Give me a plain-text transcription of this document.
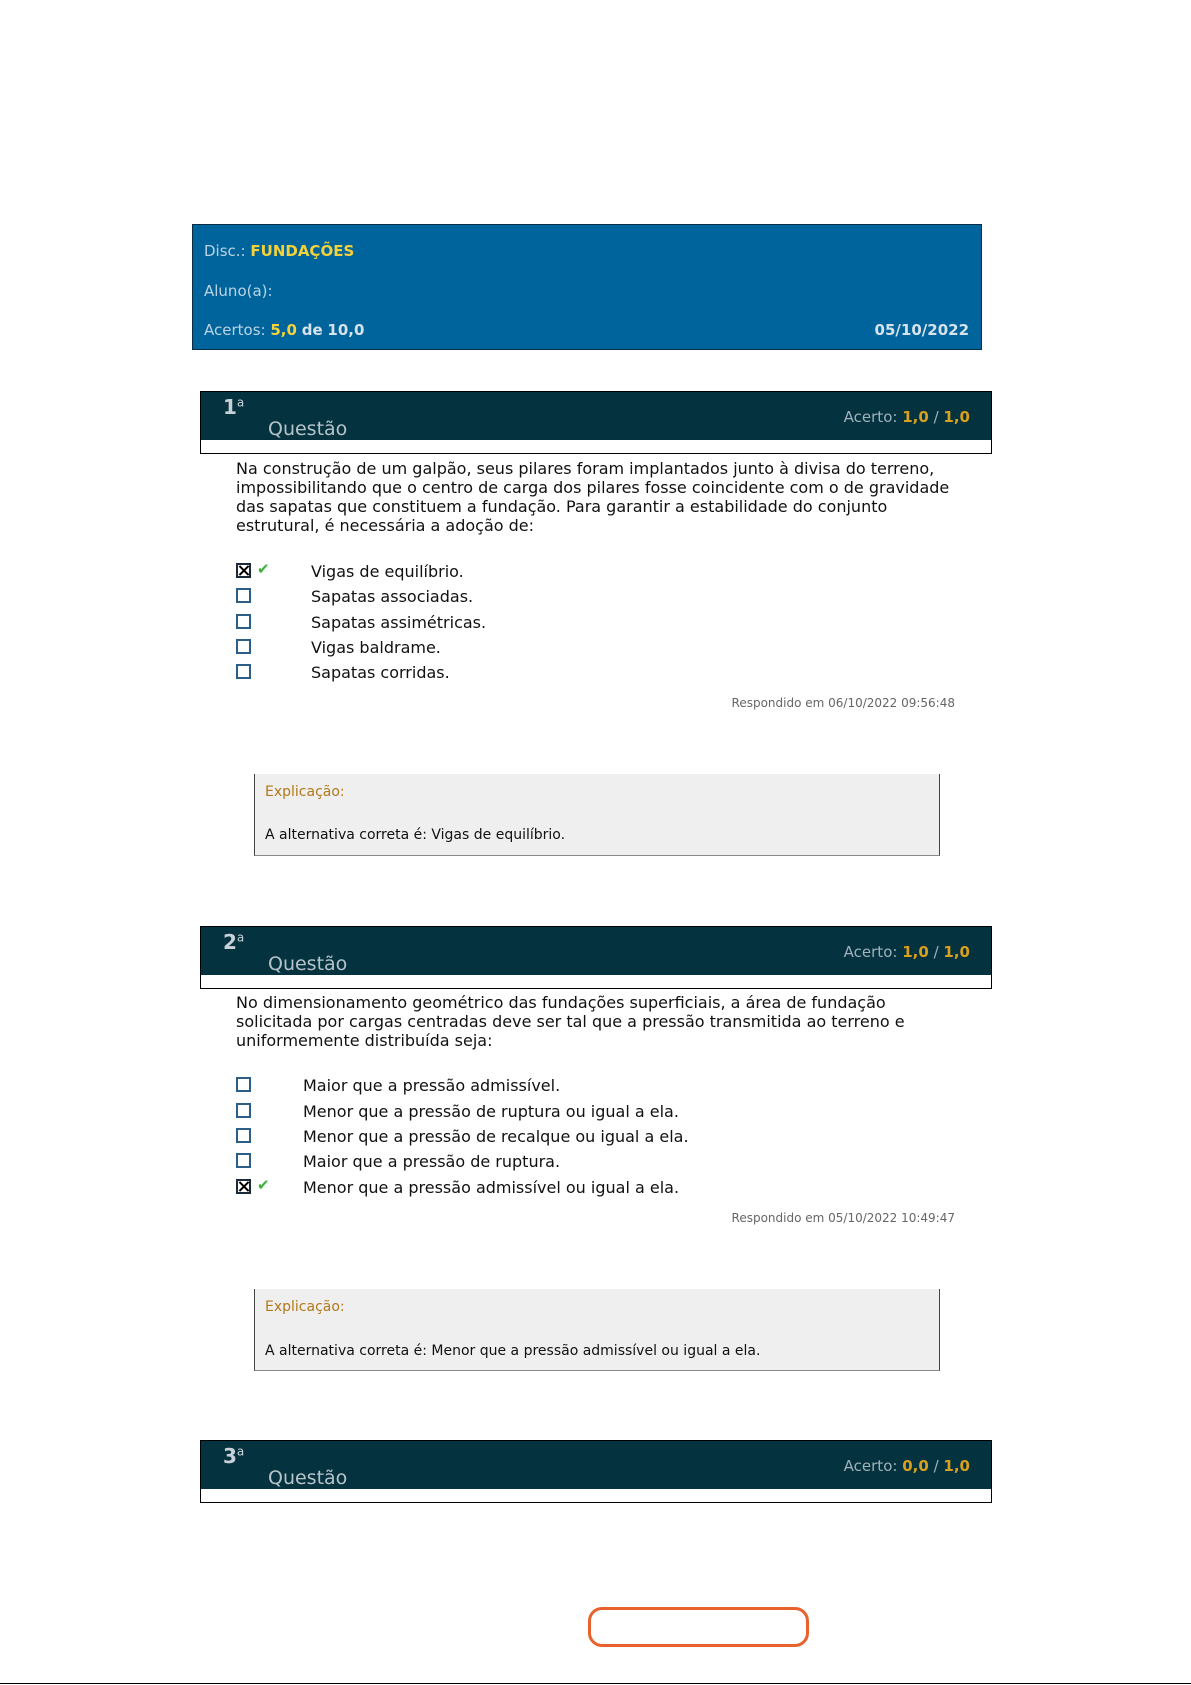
Disc.: FUNDAÇÕES
Aluno(a):
Acertos: 5,0 de 10,0	05/10/2022
1$^a$
Questão
Acerto: 1,0 / 1,0
Na construção de um galpão, seus pilares foram implantados junto à divisa do terreno, impossibilitando que o centro de carga dos pilares fosse coincidente com o de gravidade das sapatas que constituem a fundação. Para garantir a estabilidade do conjunto estrutural, é necessária a adoção de:
✔	Vigas de equilíbrio.
Sapatas associadas.
Sapatas assimétricas.
Vigas baldrame.
Sapatas corridas.
Respondido em 06/10/2022 09:56:48
Explicação:
A alternativa correta é: Vigas de equilíbrio.
2$^a$
Questão
Acerto: 1,0 / 1,0
No dimensionamento geométrico das fundações superficiais, a área de fundação solicitada por cargas centradas deve ser tal que a pressão transmitida ao terreno e uniformemente distribuída seja:
Maior que a pressão admissível.
Menor que a pressão de ruptura ou igual a ela.
Menor que a pressão de recalque ou igual a ela.
Maior que a pressão de ruptura.
✔ Menor que a pressão admissível ou igual a ela.
Respondido em 05/10/2022 10:49:47
Explicação:
A alternativa correta é: Menor que a pressão admissível ou igual a ela.
3$^a$
Questão
Acerto: 0,0 / 1,0
